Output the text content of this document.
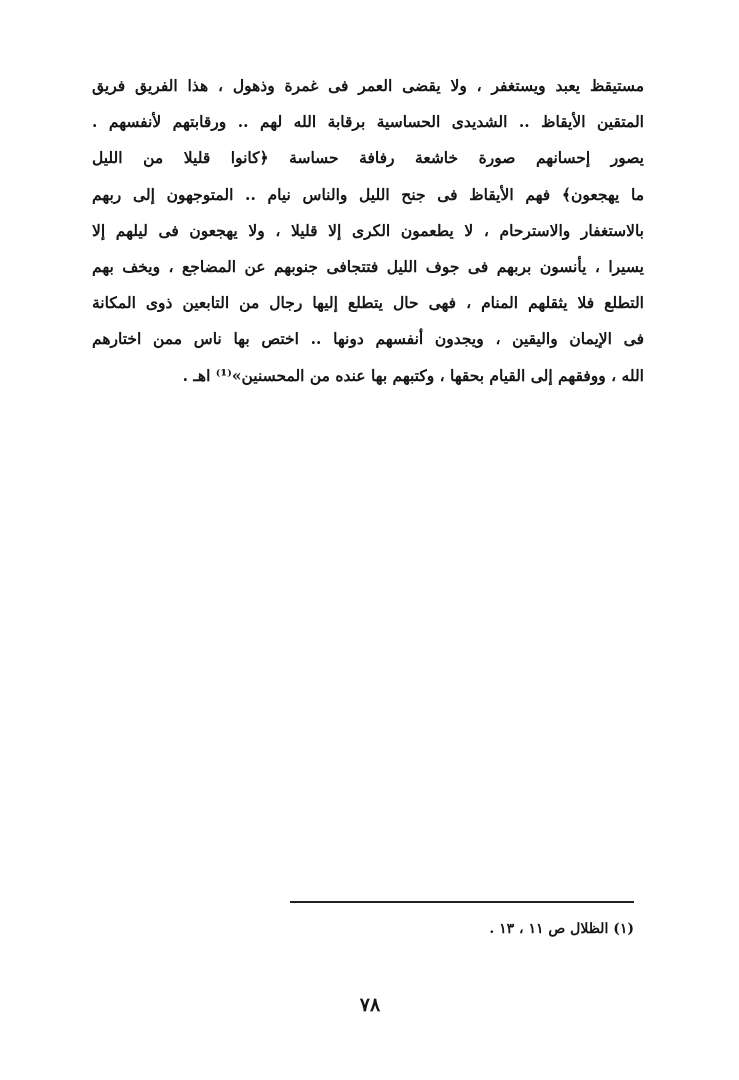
مستيقظ يعبد ويستغفر ، ولا يقضى العمر فى غمرة وذهول ، هذا الفريق فريق
المتقين الأيقاظ .. الشديدى الحساسية برقابة الله لهم .. ورقابتهم لأنفسهم .
يصور إحسانهم صورة خاشعة رفافة حساسة ﴿كانوا قليلا من الليل
ما يهجعون﴾ فهم الأيقاظ فى جنح الليل والناس نيام .. المتوجهون إلى ربهم
بالاستغفار والاسترحام ، لا يطعمون الكرى إلا قليلا ، ولا يهجعون فى ليلهم إلا
يسيرا ، يأنسون بربهم فى جوف الليل فتتجافى جنوبهم عن المضاجع ، ويخف بهم
التطلع فلا يثقلهم المنام ، فهى حال يتطلع إليها رجال من التابعين ذوى المكانة
فى الإيمان واليقين ، ويجدون أنفسهم دونها .. اختص بها ناس ممن اختارهم
الله ، ووفقهم إلى القيام بحقها ، وكتبهم بها عنده من المحسنين»⁽¹⁾ اهـ .
(١) الظلال ص ١١ ، ١٣ .
٧٨
